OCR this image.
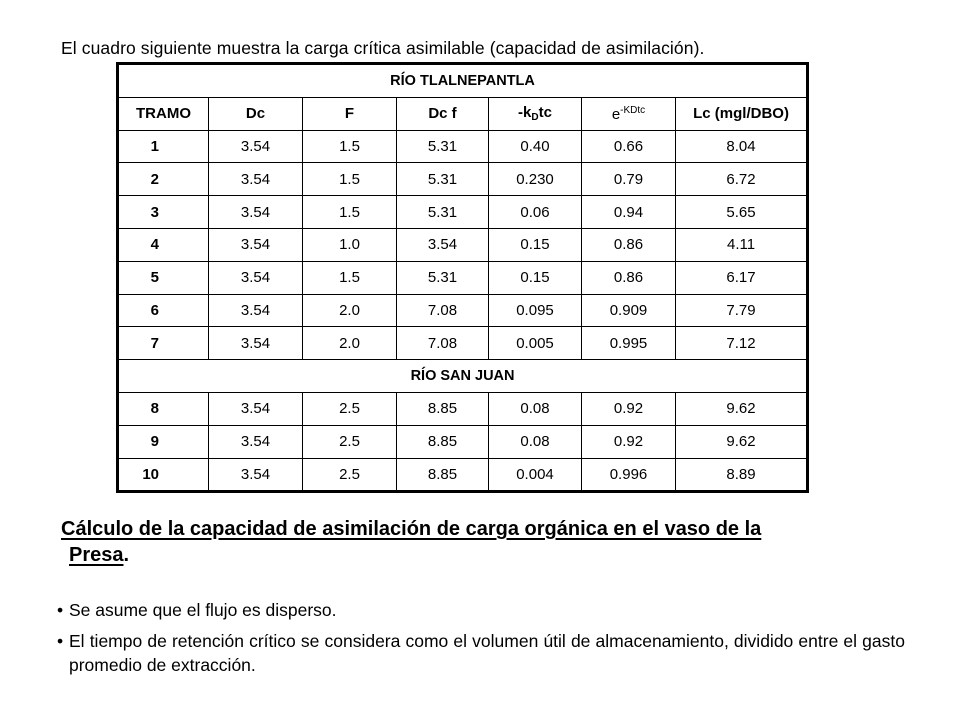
El cuadro siguiente muestra la carga crítica asimilable (capacidad de asimilación).
RÍO TLALNEPANTLA						
TRAMO	Dc	F	Dc f	$-k_Dtc$	$e^{-KDtc}$	Lc (mgl/DBO)
1	3.54	1.5	5.31	0.40	0.66	8.04
2	3.54	1.5	5.31	0.230	0.79	6.72
3	3.54	1.5	5.31	0.06	0.94	5.65
4	3.54	1.0	3.54	0.15	0.86	4.11
5	3.54	1.5	5.31	0.15	0.86	6.17
6	3.54	2.0	7.08	0.095	0.909	7.79
7	3.54	2.0	7.08	0.005	0.995	7.12
RÍO SAN JUAN						
8	3.54	2.5	8.85	0.08	0.92	9.62
9	3.54	2.5	8.85	0.08	0.92	9.62
10	3.54	2.5	8.85	0.004	0.996	8.89
Cálculo de la capacidad de asimilación de carga orgánica en el vaso de la
Presa.
• Se asume que el flujo es disperso.
• El tiempo de retención crítico se considera como el volumen útil de almacenamiento, dividido entre el gasto promedio de extracción.
